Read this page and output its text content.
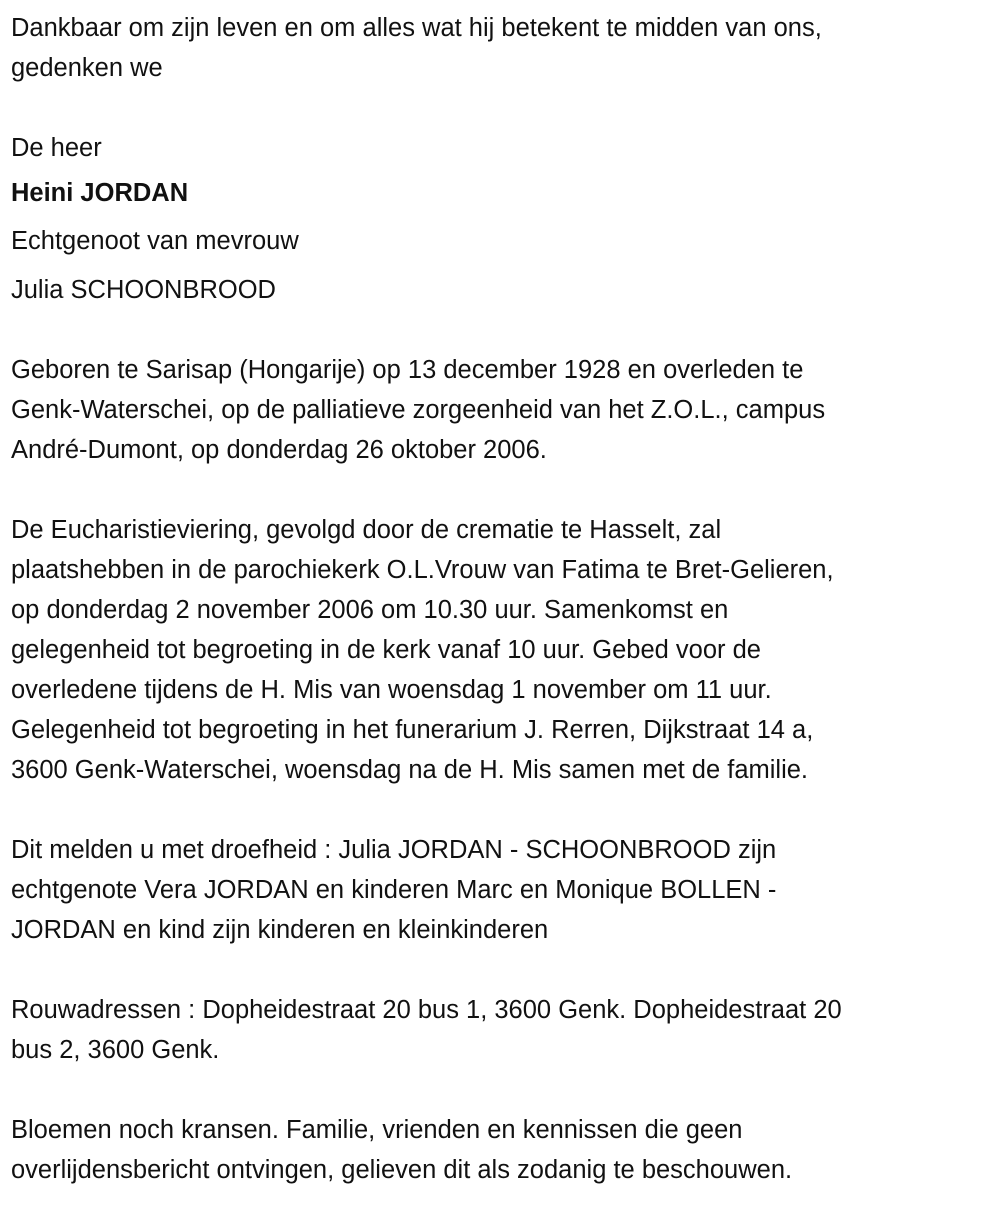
Dankbaar om zijn leven en om alles wat hij betekent te midden van ons,
gedenken we
De heer
Heini JORDAN
Echtgenoot van mevrouw
Julia SCHOONBROOD
Geboren te Sarisap (Hongarije) op 13 december 1928 en overleden te
Genk-Waterschei, op de palliatieve zorgeenheid van het Z.O.L., campus
André-Dumont, op donderdag 26 oktober 2006.
De Eucharistieviering, gevolgd door de crematie te Hasselt, zal
plaatshebben in de parochiekerk O.L.Vrouw van Fatima te Bret-Gelieren,
op donderdag 2 november 2006 om 10.30 uur. Samenkomst en
gelegenheid tot begroeting in de kerk vanaf 10 uur. Gebed voor de
overledene tijdens de H. Mis van woensdag 1 november om 11 uur.
Gelegenheid tot begroeting in het funerarium J. Rerren, Dijkstraat 14 a,
3600 Genk-Waterschei, woensdag na de H. Mis samen met de familie.
Dit melden u met droefheid : Julia JORDAN - SCHOONBROOD zijn
echtgenote Vera JORDAN en kinderen Marc en Monique BOLLEN -
JORDAN en kind zijn kinderen en kleinkinderen
Rouwadressen : Dopheidestraat 20 bus 1, 3600 Genk. Dopheidestraat 20
bus 2, 3600 Genk.
Bloemen noch kransen. Familie, vrienden en kennissen die geen
overlijdensbericht ontvingen, gelieven dit als zodanig te beschouwen.
